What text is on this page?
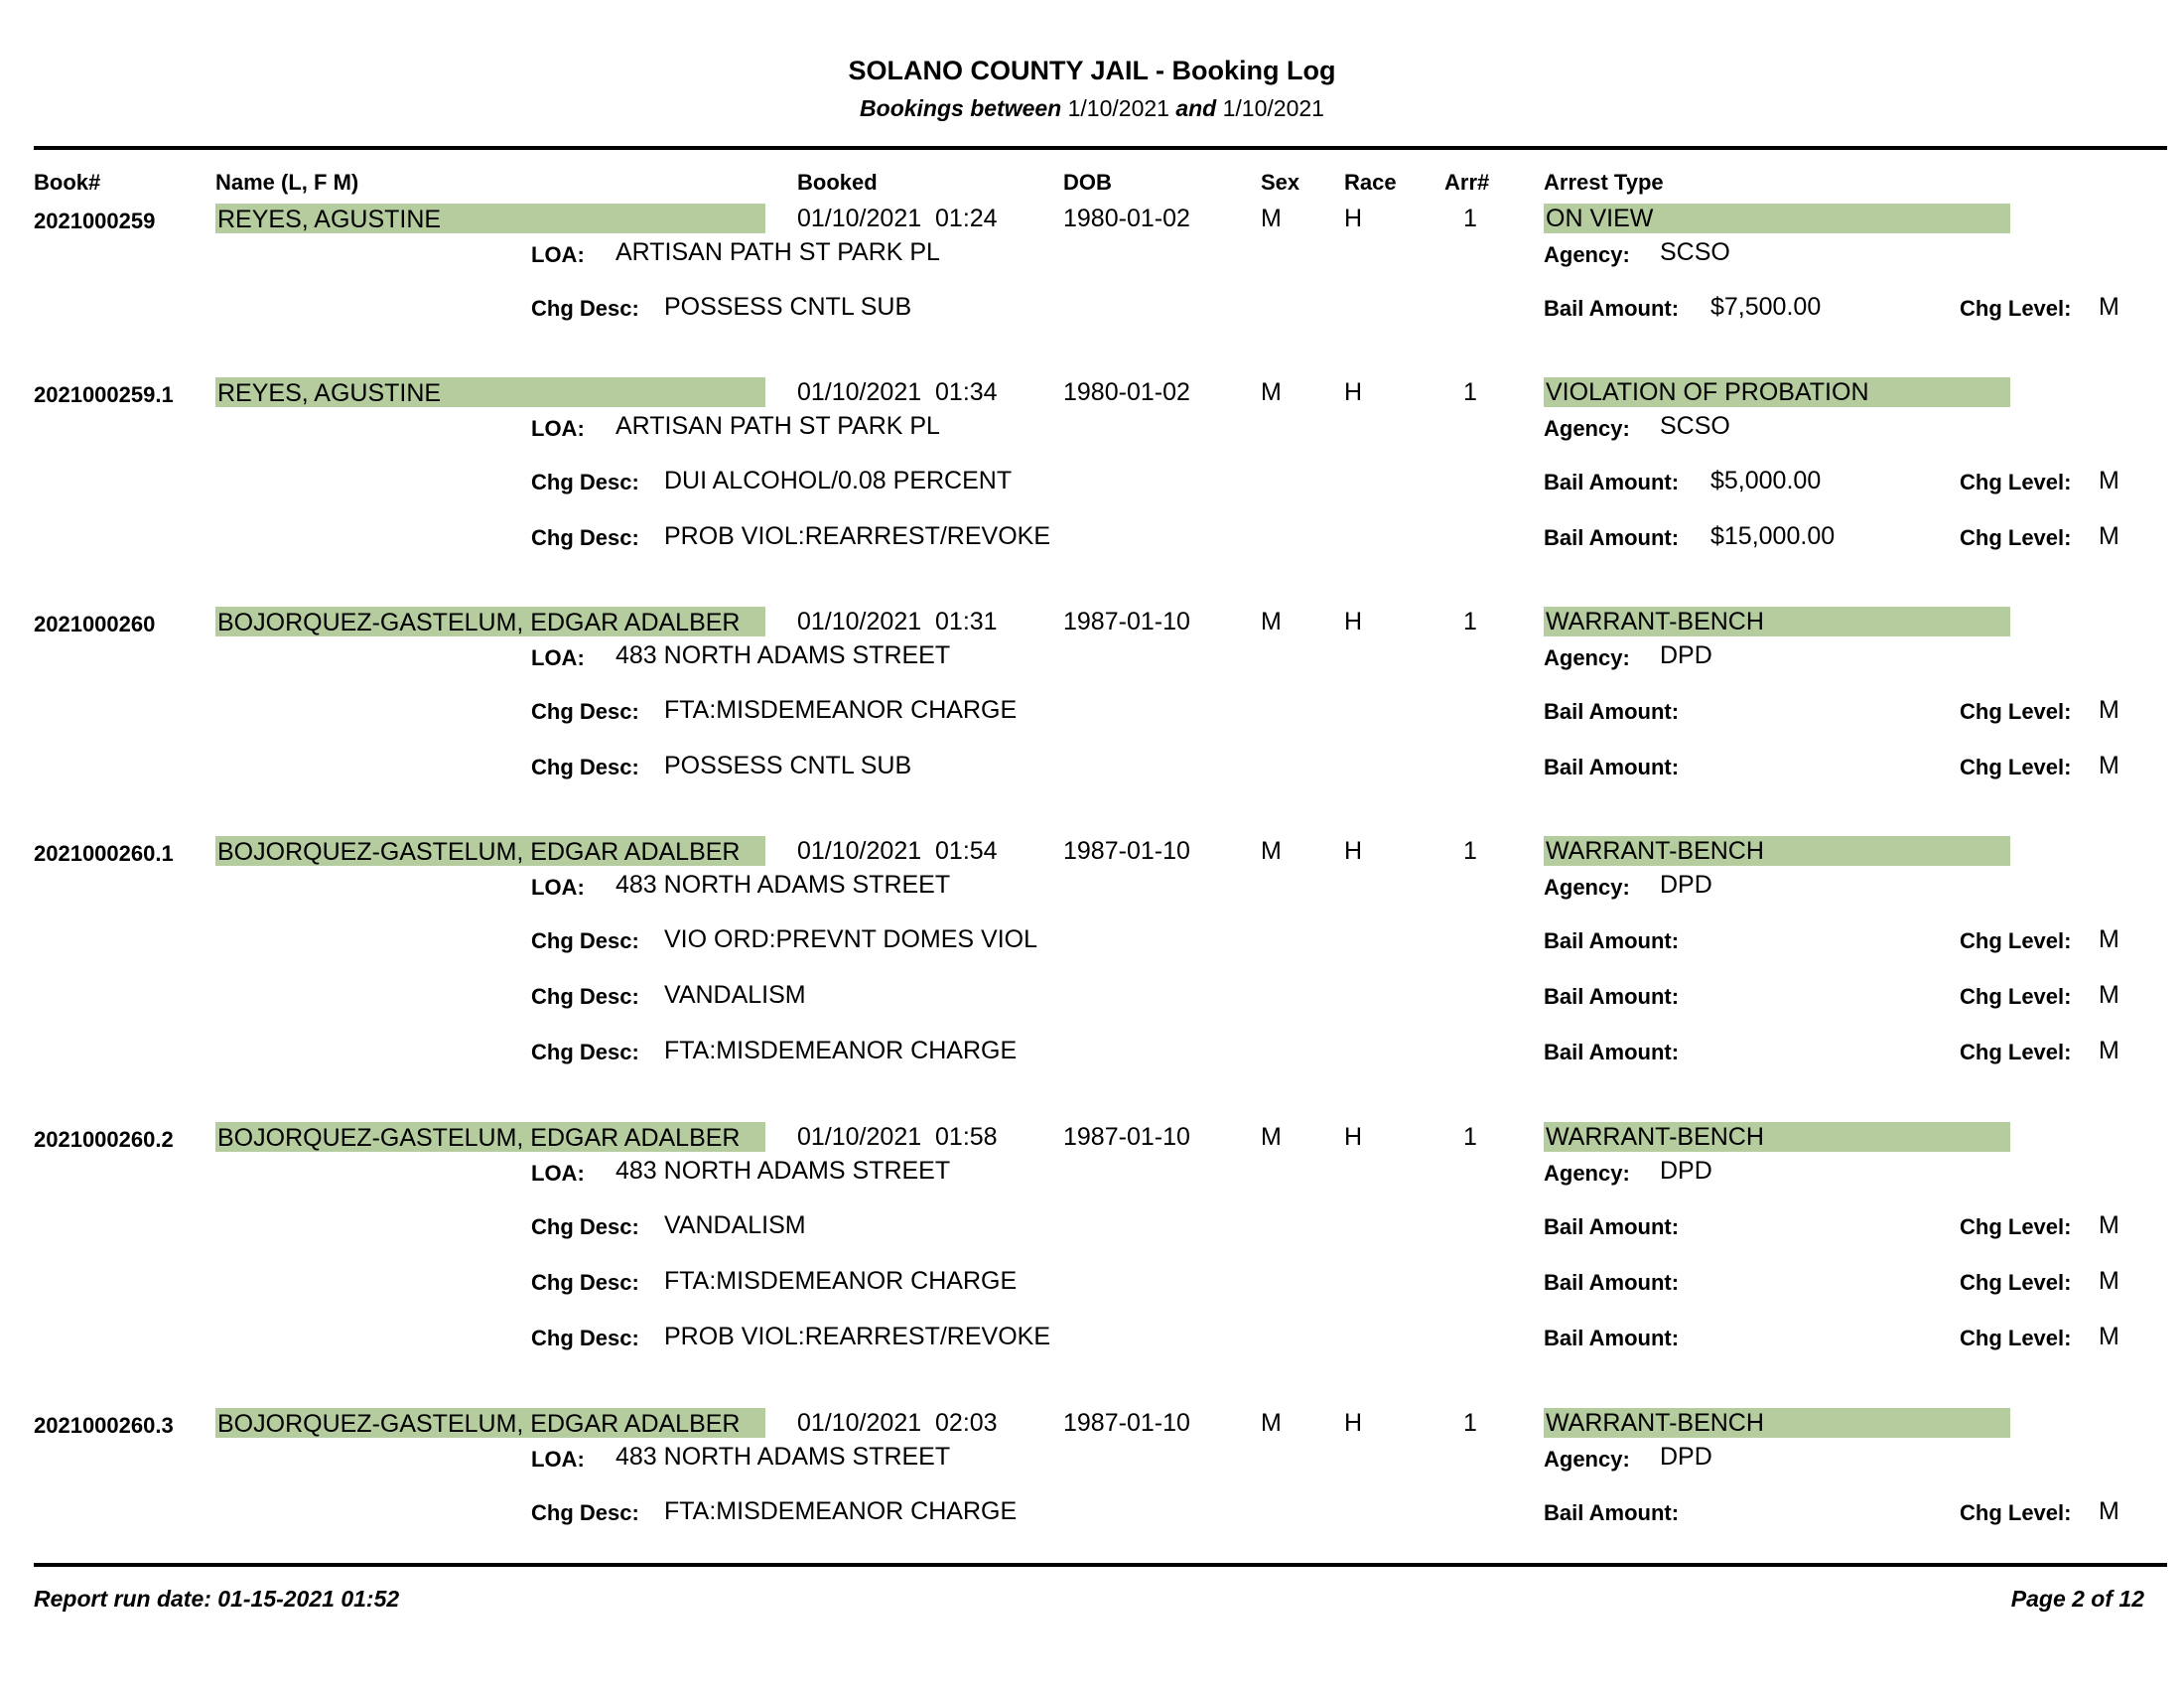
SOLANO COUNTY JAIL - Booking Log
Bookings between 1/10/2021 and 1/10/2021
Book#	Name (L, F M)	Booked	DOB	Sex Race Arr# Arrest Type
2021000259	REYES, AGUSTINE	01/10/2021  01:24	1980-01-02	M	H	1	ON VIEW
LOA: ARTISAN PATH ST PARK PL	Agency: SCSO
Chg Desc: POSSESS CNTL SUB	Bail Amount: $7,500.00	Chg Level: M
2021000259.1 REYES, AGUSTINE	01/10/2021  01:34	1980-01-02	M	H	1	VIOLATION OF PROBATION
LOA: ARTISAN PATH ST PARK PL	Agency: SCSO
Chg Desc: DUI ALCOHOL/0.08 PERCENT	Bail Amount: $5,000.00	Chg Level: M
Chg Desc: PROB VIOL:REARREST/REVOKE	Bail Amount: $15,000.00	Chg Level: M
2021000260	BOJORQUEZ-GASTELUM, EDGAR ADALBER	01/10/2021  01:31	1987-01-10	M	H	1	WARRANT-BENCH
LOA: 483 NORTH ADAMS STREET	Agency: DPD
Chg Desc: FTA:MISDEMEANOR CHARGE	Bail Amount:	Chg Level: M
Chg Desc: POSSESS CNTL SUB	Bail Amount:	Chg Level: M
2021000260.1 BOJORQUEZ-GASTELUM, EDGAR ADALBER	01/10/2021  01:54	1987-01-10	M	H	1	WARRANT-BENCH
LOA: 483 NORTH ADAMS STREET	Agency: DPD
Chg Desc: VIO ORD:PREVNT DOMES VIOL	Bail Amount:	Chg Level: M
Chg Desc: VANDALISM	Bail Amount:	Chg Level: M
Chg Desc: FTA:MISDEMEANOR CHARGE	Bail Amount:	Chg Level: M
2021000260.2 BOJORQUEZ-GASTELUM, EDGAR ADALBER	01/10/2021  01:58	1987-01-10	M	H	1	WARRANT-BENCH
LOA: 483 NORTH ADAMS STREET	Agency: DPD
Chg Desc: VANDALISM	Bail Amount:	Chg Level: M
Chg Desc: FTA:MISDEMEANOR CHARGE	Bail Amount:	Chg Level: M
Chg Desc: PROB VIOL:REARREST/REVOKE	Bail Amount:	Chg Level: M
2021000260.3 BOJORQUEZ-GASTELUM, EDGAR ADALBER	01/10/2021  02:03	1987-01-10	M	H	1	WARRANT-BENCH
LOA: 483 NORTH ADAMS STREET	Agency: DPD
Chg Desc: FTA:MISDEMEANOR CHARGE	Bail Amount:	Chg Level: M
Report run date: 01-15-2021 01:52	Page 2 of 12
